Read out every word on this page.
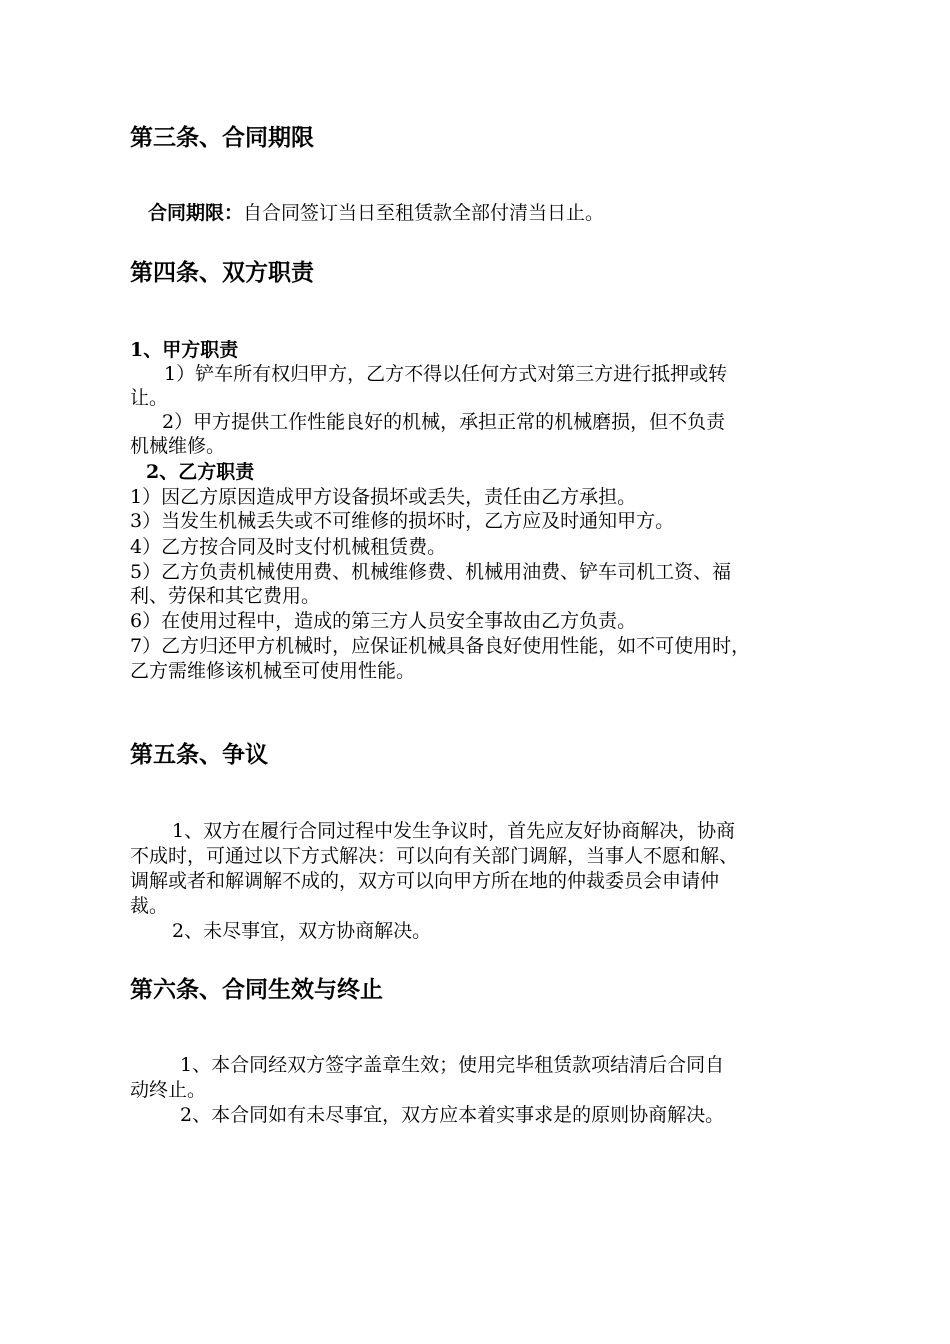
第三条、合同期限
合同期限：自合同签订当日至租赁款全部付清当日止。
第四条、双方职责
1、甲方职责
1）铲车所有权归甲方，乙方不得以任何方式对第三方进行抵押或转
让。
2）甲方提供工作性能良好的机械，承担正常的机械磨损，但不负责
机械维修。
2、乙方职责
1）因乙方原因造成甲方设备损坏或丢失，责任由乙方承担。
3）当发生机械丢失或不可维修的损坏时，乙方应及时通知甲方。
4）乙方按合同及时支付机械租赁费。
5）乙方负责机械使用费、机械维修费、机械用油费、铲车司机工资、福
利、劳保和其它费用。
6）在使用过程中，造成的第三方人员安全事故由乙方负责。
7）乙方归还甲方机械时，应保证机械具备良好使用性能，如不可使用时，
乙方需维修该机械至可使用性能。
第五条、争议
1、双方在履行合同过程中发生争议时，首先应友好协商解决，协商
不成时，可通过以下方式解决：可以向有关部门调解，当事人不愿和解、
调解或者和解调解不成的，双方可以向甲方所在地的仲裁委员会申请仲
裁。
2、未尽事宜，双方协商解决。
第六条、合同生效与终止
1、本合同经双方签字盖章生效；使用完毕租赁款项结清后合同自
动终止。
2、本合同如有未尽事宜，双方应本着实事求是的原则协商解决。
